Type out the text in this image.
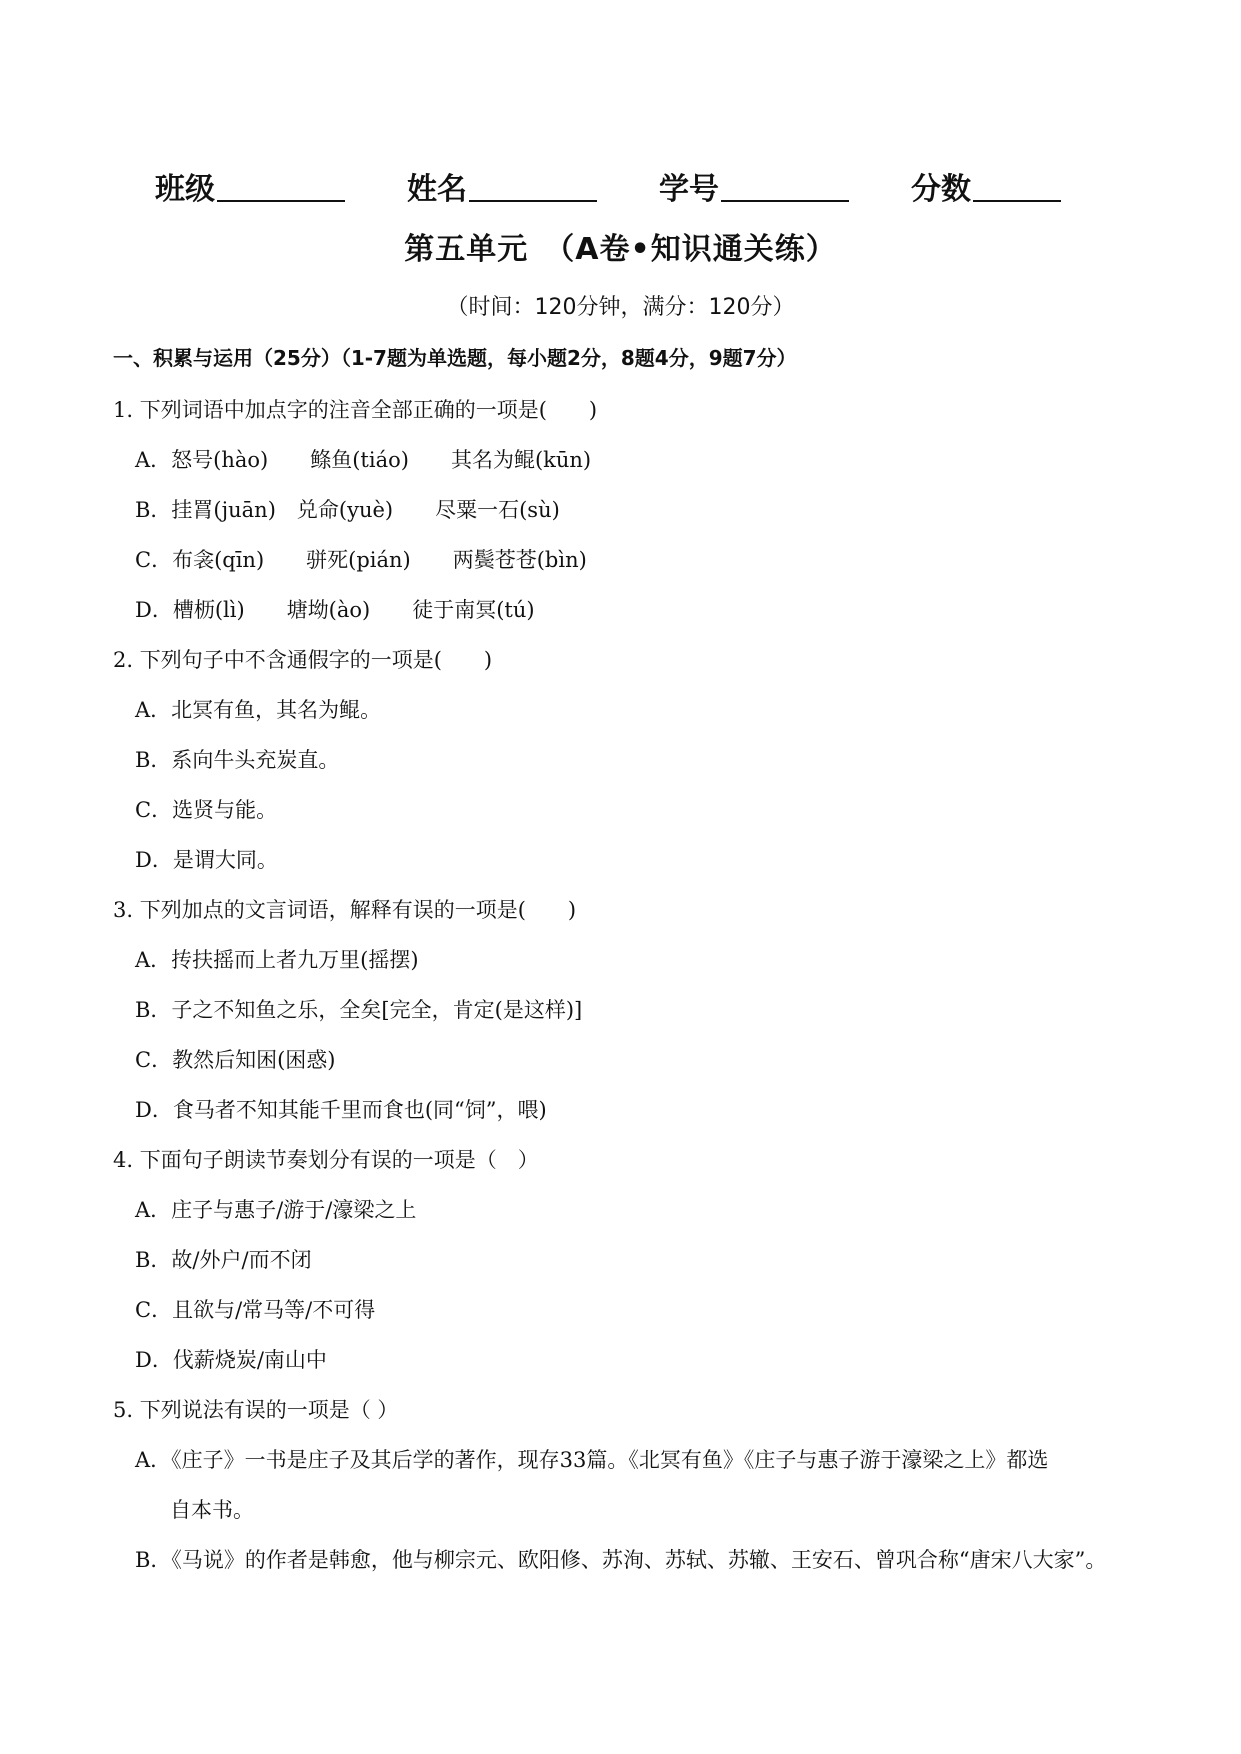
班级	姓名	学号	分数
第五单元　（A卷•知识通关练）
（时间：120分钟，满分：120分）
一、积累与运用（25分）（1-7题为单选题，每小题2分，8题4分，9题7分）
1. 下列词语中加点字的注音全部正确的一项是(　　)
A．怒号(hào)　　鲦鱼(tiáo)　　其名为鲲(kūn)
B．挂罥(juān)　兑命(yuè)　　尽粟一石(sù)
C．布衾(qīn)　　骈死(pián)　　两鬓苍苍(bìn)
D．槽枥(lì)　　塘坳(ào)　　徒于南冥(tú)
2. 下列句子中不含通假字的一项是(　　)
A．北冥有鱼，其名为鲲。
B．系向牛头充炭直。
C．选贤与能。
D．是谓大同。
3. 下列加点的文言词语，解释有误的一项是(　　)
A．抟扶摇而上者九万里(摇摆)
B．子之不知鱼之乐，全矣[完全，肯定(是这样)]
C．教然后知困(困惑)
D．食马者不知其能千里而食也(同“饲”，喂)
4. 下面句子朗读节奏划分有误的一项是（　）
A．庄子与惠子/游于/濠梁之上
B．故/外户/而不闭
C．且欲与/常马等/不可得
D．伐薪烧炭/南山中
5. 下列说法有误的一项是（ ）
A．《庄子》一书是庄子及其后学的著作，现存33篇。《北冥有鱼》《庄子与惠子游于濠梁之上》都选
自本书。
B．《马说》的作者是韩愈，他与柳宗元、欧阳修、苏洵、苏轼、苏辙、王安石、曾巩合称“唐宋八大家”。
